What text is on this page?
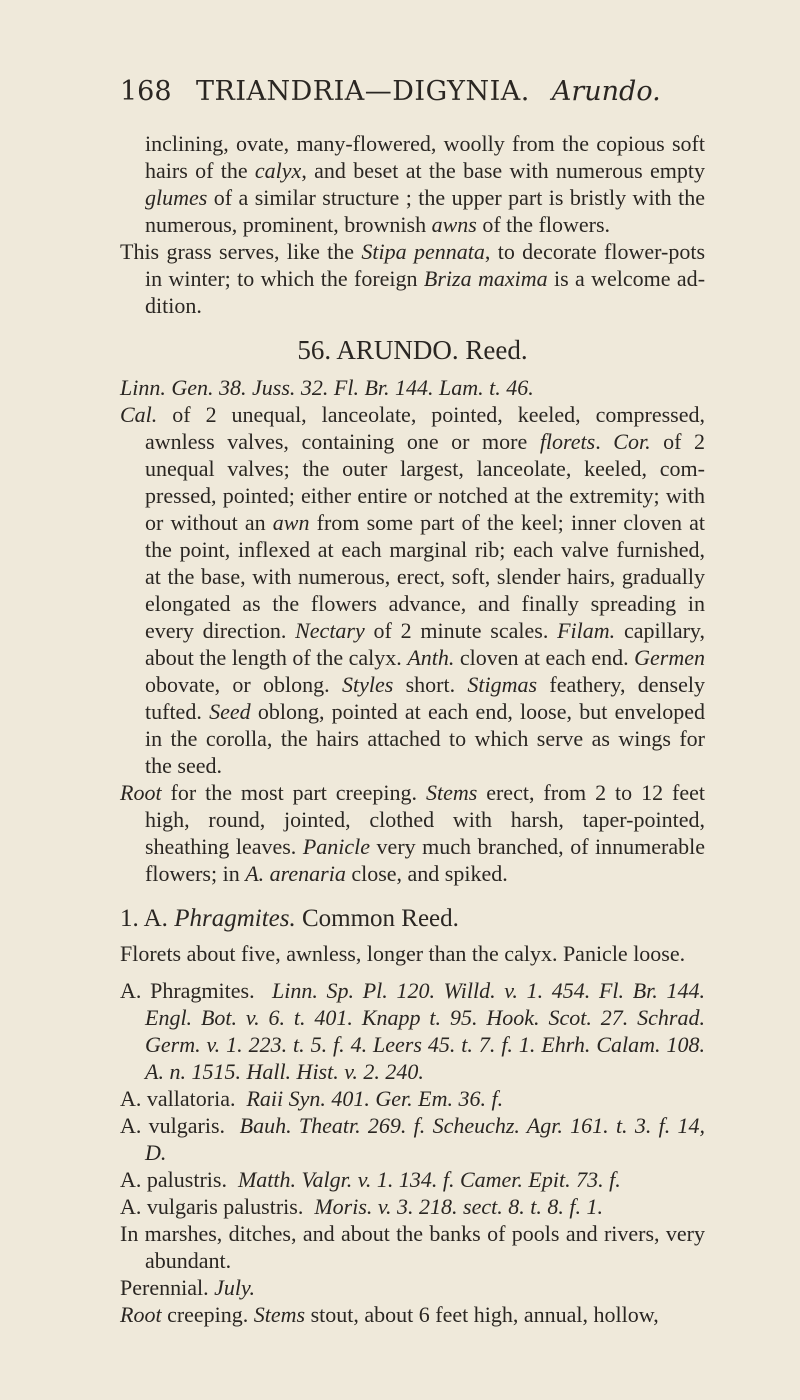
168 TRIANDRIA—DIGYNIA. Arundo.

inclining, ovate, many-flowered, woolly from the copious soft hairs of the calyx, and beset at the base with numerous empty glumes of a similar structure ; the upper part is bristly with the numerous, prominent, brownish awns of the flowers.

This grass serves, like the Stipa pennata, to decorate flower-pots in winter; to which the foreign Briza maxima is a welcome addition.

56. ARUNDO. Reed.

Linn. Gen. 38. Juss. 32. Fl. Br. 144. Lam. t. 46.

Cal. of 2 unequal, lanceolate, pointed, keeled, compressed, awnless valves, containing one or more florets. Cor. of 2 unequal valves; the outer largest, lanceolate, keeled, compressed, pointed; either entire or notched at the extremity; with or without an awn from some part of the keel; inner cloven at the point, inflexed at each marginal rib; each valve furnished, at the base, with numerous, erect, soft, slender hairs, gradually elongated as the flowers advance, and finally spreading in every direction. Nectary of 2 minute scales. Filam. capillary, about the length of the calyx. Anth. cloven at each end. Germen obovate, or oblong. Styles short. Stigmas feathery, densely tufted. Seed oblong, pointed at each end, loose, but enveloped in the corolla, the hairs attached to which serve as wings for the seed.

Root for the most part creeping. Stems erect, from 2 to 12 feet high, round, jointed, clothed with harsh, taper-pointed, sheathing leaves. Panicle very much branched, of innumerable flowers; in A. arenaria close, and spiked.

1. A. Phragmites. Common Reed.

Florets about five, awnless, longer than the calyx. Panicle loose.

A. Phragmites. Linn. Sp. Pl. 120. Willd. v. 1. 454. Fl. Br. 144. Engl. Bot. v. 6. t. 401. Knapp t. 95. Hook. Scot. 27. Schrad. Germ. v. 1. 223. t. 5. f. 4. Leers 45. t. 7. f. 1. Ehrh. Calam. 108. A. n. 1515. Hall. Hist. v. 2. 240.

A. vallatoria. Raii Syn. 401. Ger. Em. 36. f.

A. vulgaris. Bauh. Theatr. 269. f. Scheuchz. Agr. 161. t. 3. f. 14, D.

A. palustris. Matth. Valgr. v. 1. 134. f. Camer. Epit. 73. f.

A. vulgaris palustris. Moris. v. 3. 218. sect. 8. t. 8. f. 1.

In marshes, ditches, and about the banks of pools and rivers, very abundant.

Perennial. July.

Root creeping. Stems stout, about 6 feet high, annual, hollow,
